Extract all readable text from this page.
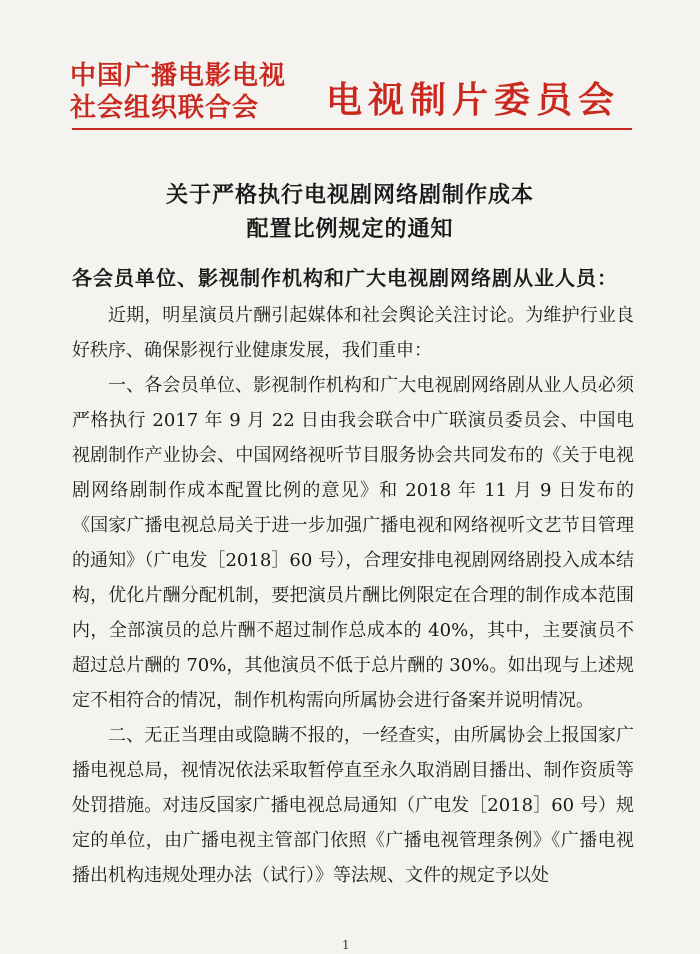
中国广播电影电视
社会组织联合会	电视制片委员会
关于严格执行电视剧网络剧制作成本
配置比例规定的通知
各会员单位、影视制作机构和广大电视剧网络剧从业人员：

近期，明星演员片酬引起媒体和社会舆论关注讨论。为维护行业良好秩序、确保影视行业健康发展，我们重申：

一、各会员单位、影视制作机构和广大电视剧网络剧从业人员必须严格执行 2017 年 9 月 22 日由我会联合中广联演员委员会、中国电视剧制作产业协会、中国网络视听节目服务协会共同发布的《关于电视剧网络剧制作成本配置比例的意见》和 2018 年 11 月 9 日发布的《国家广播电视总局关于进一步加强广播电视和网络视听文艺节目管理的通知》（广电发［2018］60 号），合理安排电视剧网络剧投入成本结构，优化片酬分配机制，要把演员片酬比例限定在合理的制作成本范围内，全部演员的总片酬不超过制作总成本的 40%，其中，主要演员不超过总片酬的 70%，其他演员不低于总片酬的 30%。如出现与上述规定不相符合的情况，制作机构需向所属协会进行备案并说明情况。

二、无正当理由或隐瞒不报的，一经查实，由所属协会上报国家广播电视总局，视情况依法采取暂停直至永久取消剧目播出、制作资质等处罚措施。对违反国家广播电视总局通知（广电发［2018］60 号）规定的单位，由广播电视主管部门依照《广播电视管理条例》《广播电视播出机构违规处理办法（试行）》等法规、文件的规定予以处

1
